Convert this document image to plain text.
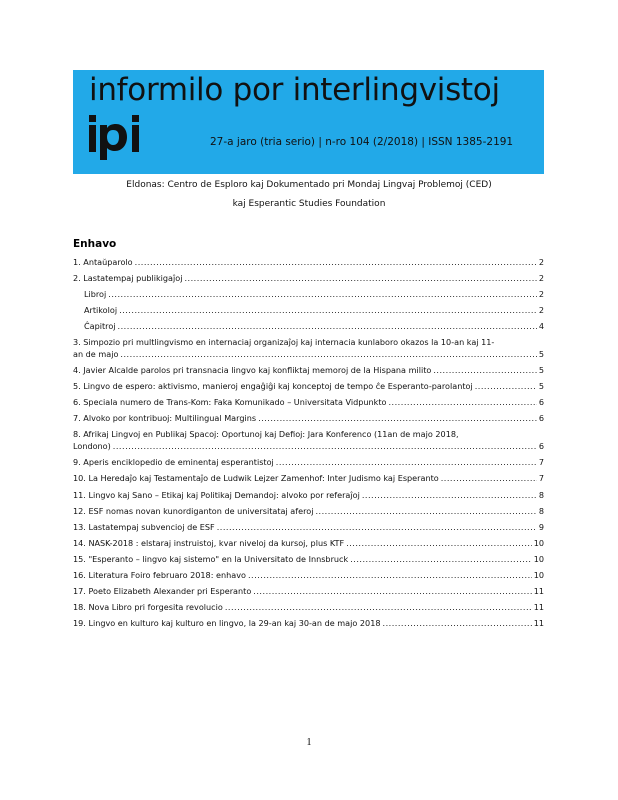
informilo por interlingvistoj
27-a jaro (tria serio) | n-ro 104 (2/2018) | ISSN 1385-2191
Eldonas: Centro de Esploro kaj Dokumentado pri Mondaj Lingvaj Problemoj (CED)
kaj Esperantic Studies Foundation
Enhavo
1. Antaŭparolo .....	2
2. Lastatempaj publikigaĵoj .....	2
Libroj .....	2
Artikoloj .....	2
Ĉapitroj .....	4
3. Simpozio pri multlingvismo en internaciaj organizaĵoj kaj internacia kunlaboro okazos la 10-an kaj 11-
an de majo .....	5
4. Javier Alcalde parolos pri transnacia lingvo kaj konfliktaj memoroj de la Hispana milito .....	5
5. Lingvo de espero: aktivismo, manieroj engaĝiĝi kaj konceptoj de tempo ĉe Esperanto-parolantoj .....	5
6. Speciala numero de Trans-Kom: Faka Komunikado – Universitata Vidpunkto .....	6
7. Alvoko por kontribuoj: Multilingual Margins .....	6
8. Afrikaj Lingvoj en Publikaj Spacoj: Oportunoj kaj Defioj: Jara Konferenco (11an de majo 2018,
Londono) .....	6
9. Aperis enciklopedio de eminentaj esperantistoj .....	7
10. La Heredaĵo kaj Testamentaĵo de Ludwik Lejzer Zamenhof: Inter Judismo kaj Esperanto .....	7
11. Lingvo kaj Sano – Etikaj kaj Politikaj Demandoj: alvoko por referaĵoj .....	8
12. ESF nomas novan kunordiganton de universitataj aferoj .....	8
13. Lastatempaj subvencioj de ESF .....	9
14. NASK-2018 : elstaraj instruistoj, kvar niveloj da kursoj, plus KTF .....	10
15. "Esperanto – lingvo kaj sistemo" en la Universitato de Innsbruck .....	10
16. Literatura Foiro februaro 2018: enhavo .....	10
17. Poeto Elizabeth Alexander pri Esperanto .....	11
18. Nova Libro pri forgesita revolucio .....	11
19. Lingvo en kulturo kaj kulturo en lingvo, la 29-an kaj 30-an de majo 2018 .....	11
1
